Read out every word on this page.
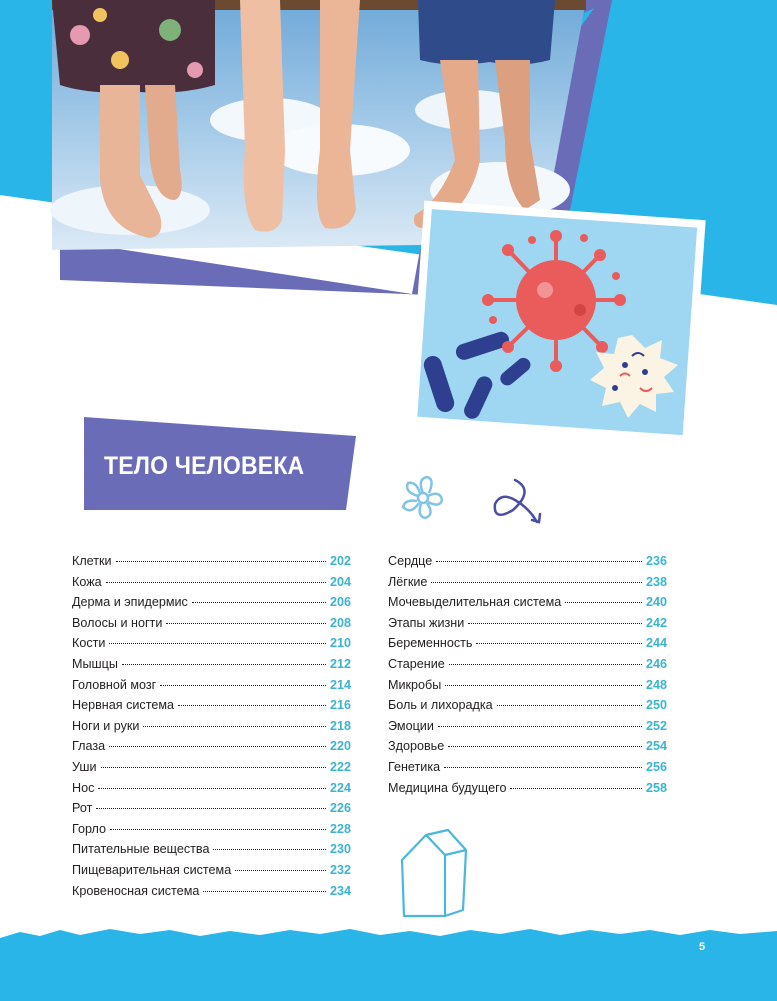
ТЕЛО ЧЕЛОВЕКА
Клетки	202
Кожа	204
Дерма и эпидермис	206
Волосы и ногти	208
Кости	210
Мышцы	212
Головной мозг	214
Нервная система	216
Ноги и руки	218
Глаза	220
Уши	222
Нос	224
Рот	226
Горло	228
Питательные вещества	230
Пищеварительная система	232
Кровеносная система	234
Сердце	236
Лёгкие	238
Мочевыделительная система	240
Этапы жизни	242
Беременность	244
Старение	246
Микробы	248
Боль и лихорадка	250
Эмоции	252
Здоровье	254
Генетика	256
Медицина будущего	258
5
